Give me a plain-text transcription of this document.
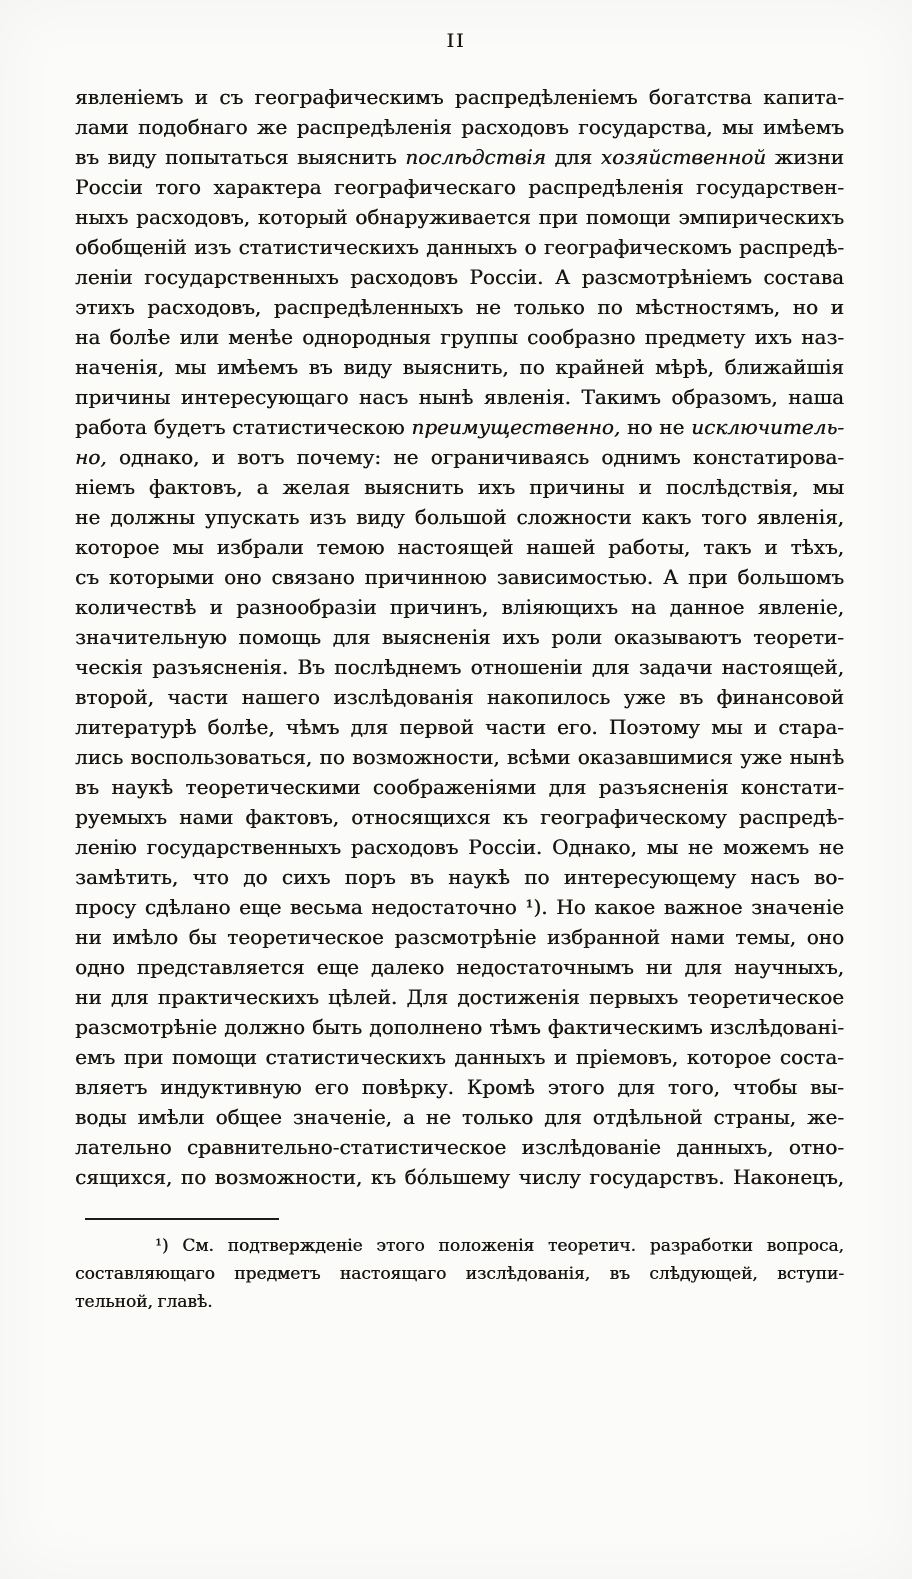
II
явленіемъ и съ географическимъ распредѣленіемъ богатства капита-
лами подобнаго же распредѣленія расходовъ государства, мы имѣемъ
въ виду попытаться выяснить послѣдствія для хозяйственной жизни
Россіи того характера географическаго распредѣленія государствен-
ныхъ расходовъ, который обнаруживается при помощи эмпирическихъ
обобщеній изъ статистическихъ данныхъ о географическомъ распредѣ-
леніи государственныхъ расходовъ Россіи. А разсмотрѣніемъ состава
этихъ расходовъ, распредѣленныхъ не только по мѣстностямъ, но и
на болѣе или менѣе однородныя группы сообразно предмету ихъ наз-
наченія, мы имѣемъ въ виду выяснить, по крайней мѣрѣ, ближайшія
причины интересующаго насъ нынѣ явленія. Такимъ образомъ, наша
работа будетъ статистическою преимущественно, но не исключитель-
но, однако, и вотъ почему: не ограничиваясь однимъ констатирова-
ніемъ фактовъ, а желая выяснить ихъ причины и послѣдствія, мы
не должны упускать изъ виду большой сложности какъ того явленія,
которое мы избрали темою настоящей нашей работы, такъ и тѣхъ,
съ которыми оно связано причинною зависимостью. А при большомъ
количествѣ и разнообразіи причинъ, вліяющихъ на данное явленіе,
значительную помощь для выясненія ихъ роли оказываютъ теорети-
ческія разъясненія. Въ послѣднемъ отношеніи для задачи настоящей,
второй, части нашего изслѣдованія накопилось уже въ финансовой
литературѣ болѣе, чѣмъ для первой части его. Поэтому мы и стара-
лись воспользоваться, по возможности, всѣми оказавшимися уже нынѣ
въ наукѣ теоретическими соображеніями для разъясненія констати-
руемыхъ нами фактовъ, относящихся къ географическому распредѣ-
ленію государственныхъ расходовъ Россіи. Однако, мы не можемъ не
замѣтить, что до сихъ поръ въ наукѣ по интересующему насъ во-
просу сдѣлано еще весьма недостаточно ¹). Но какое важное значеніе
ни имѣло бы теоретическое разсмотрѣніе избранной нами темы, оно
одно представляется еще далеко недостаточнымъ ни для научныхъ,
ни для практическихъ цѣлей. Для достиженія первыхъ теоретическое
разсмотрѣніе должно быть дополнено тѣмъ фактическимъ изслѣдовані-
емъ при помощи статистическихъ данныхъ и пріемовъ, которое соста-
вляетъ индуктивную его повѣрку. Кромѣ этого для того, чтобы вы-
воды имѣли общее значеніе, а не только для отдѣльной страны, же-
лательно сравнительно-статистическое изслѣдованіе данныхъ, отно-
сящихся, по возможности, къ бо́льшему числу государствъ. Наконецъ,
¹) См. подтвержденіе этого положенія теоретич. разработки вопроса,
составляющаго предметъ настоящаго изслѣдованія, въ слѣдующей, вступи-
тельной, главѣ.
